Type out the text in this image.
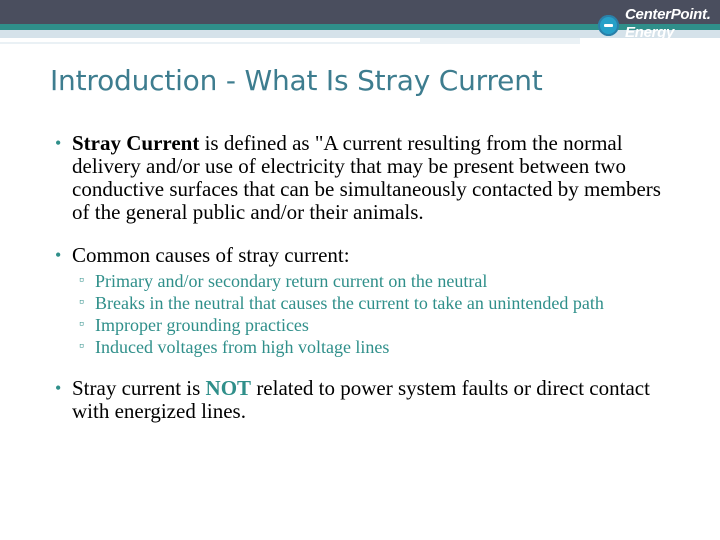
CenterPoint.
Energy
Introduction - What Is Stray Current
• Stray Current is defined as "A current resulting from the normal delivery and/or use of electricity that may be present between two conductive surfaces that can be simultaneously contacted by members of the general public and/or their animals.
• Common causes of stray current:
▫ Primary and/or secondary return current on the neutral
▫ Breaks in the neutral that causes the current to take an unintended path
▫ Improper grounding practices
▫ Induced voltages from high voltage lines
• Stray current is NOT related to power system faults or direct contact with energized lines.
